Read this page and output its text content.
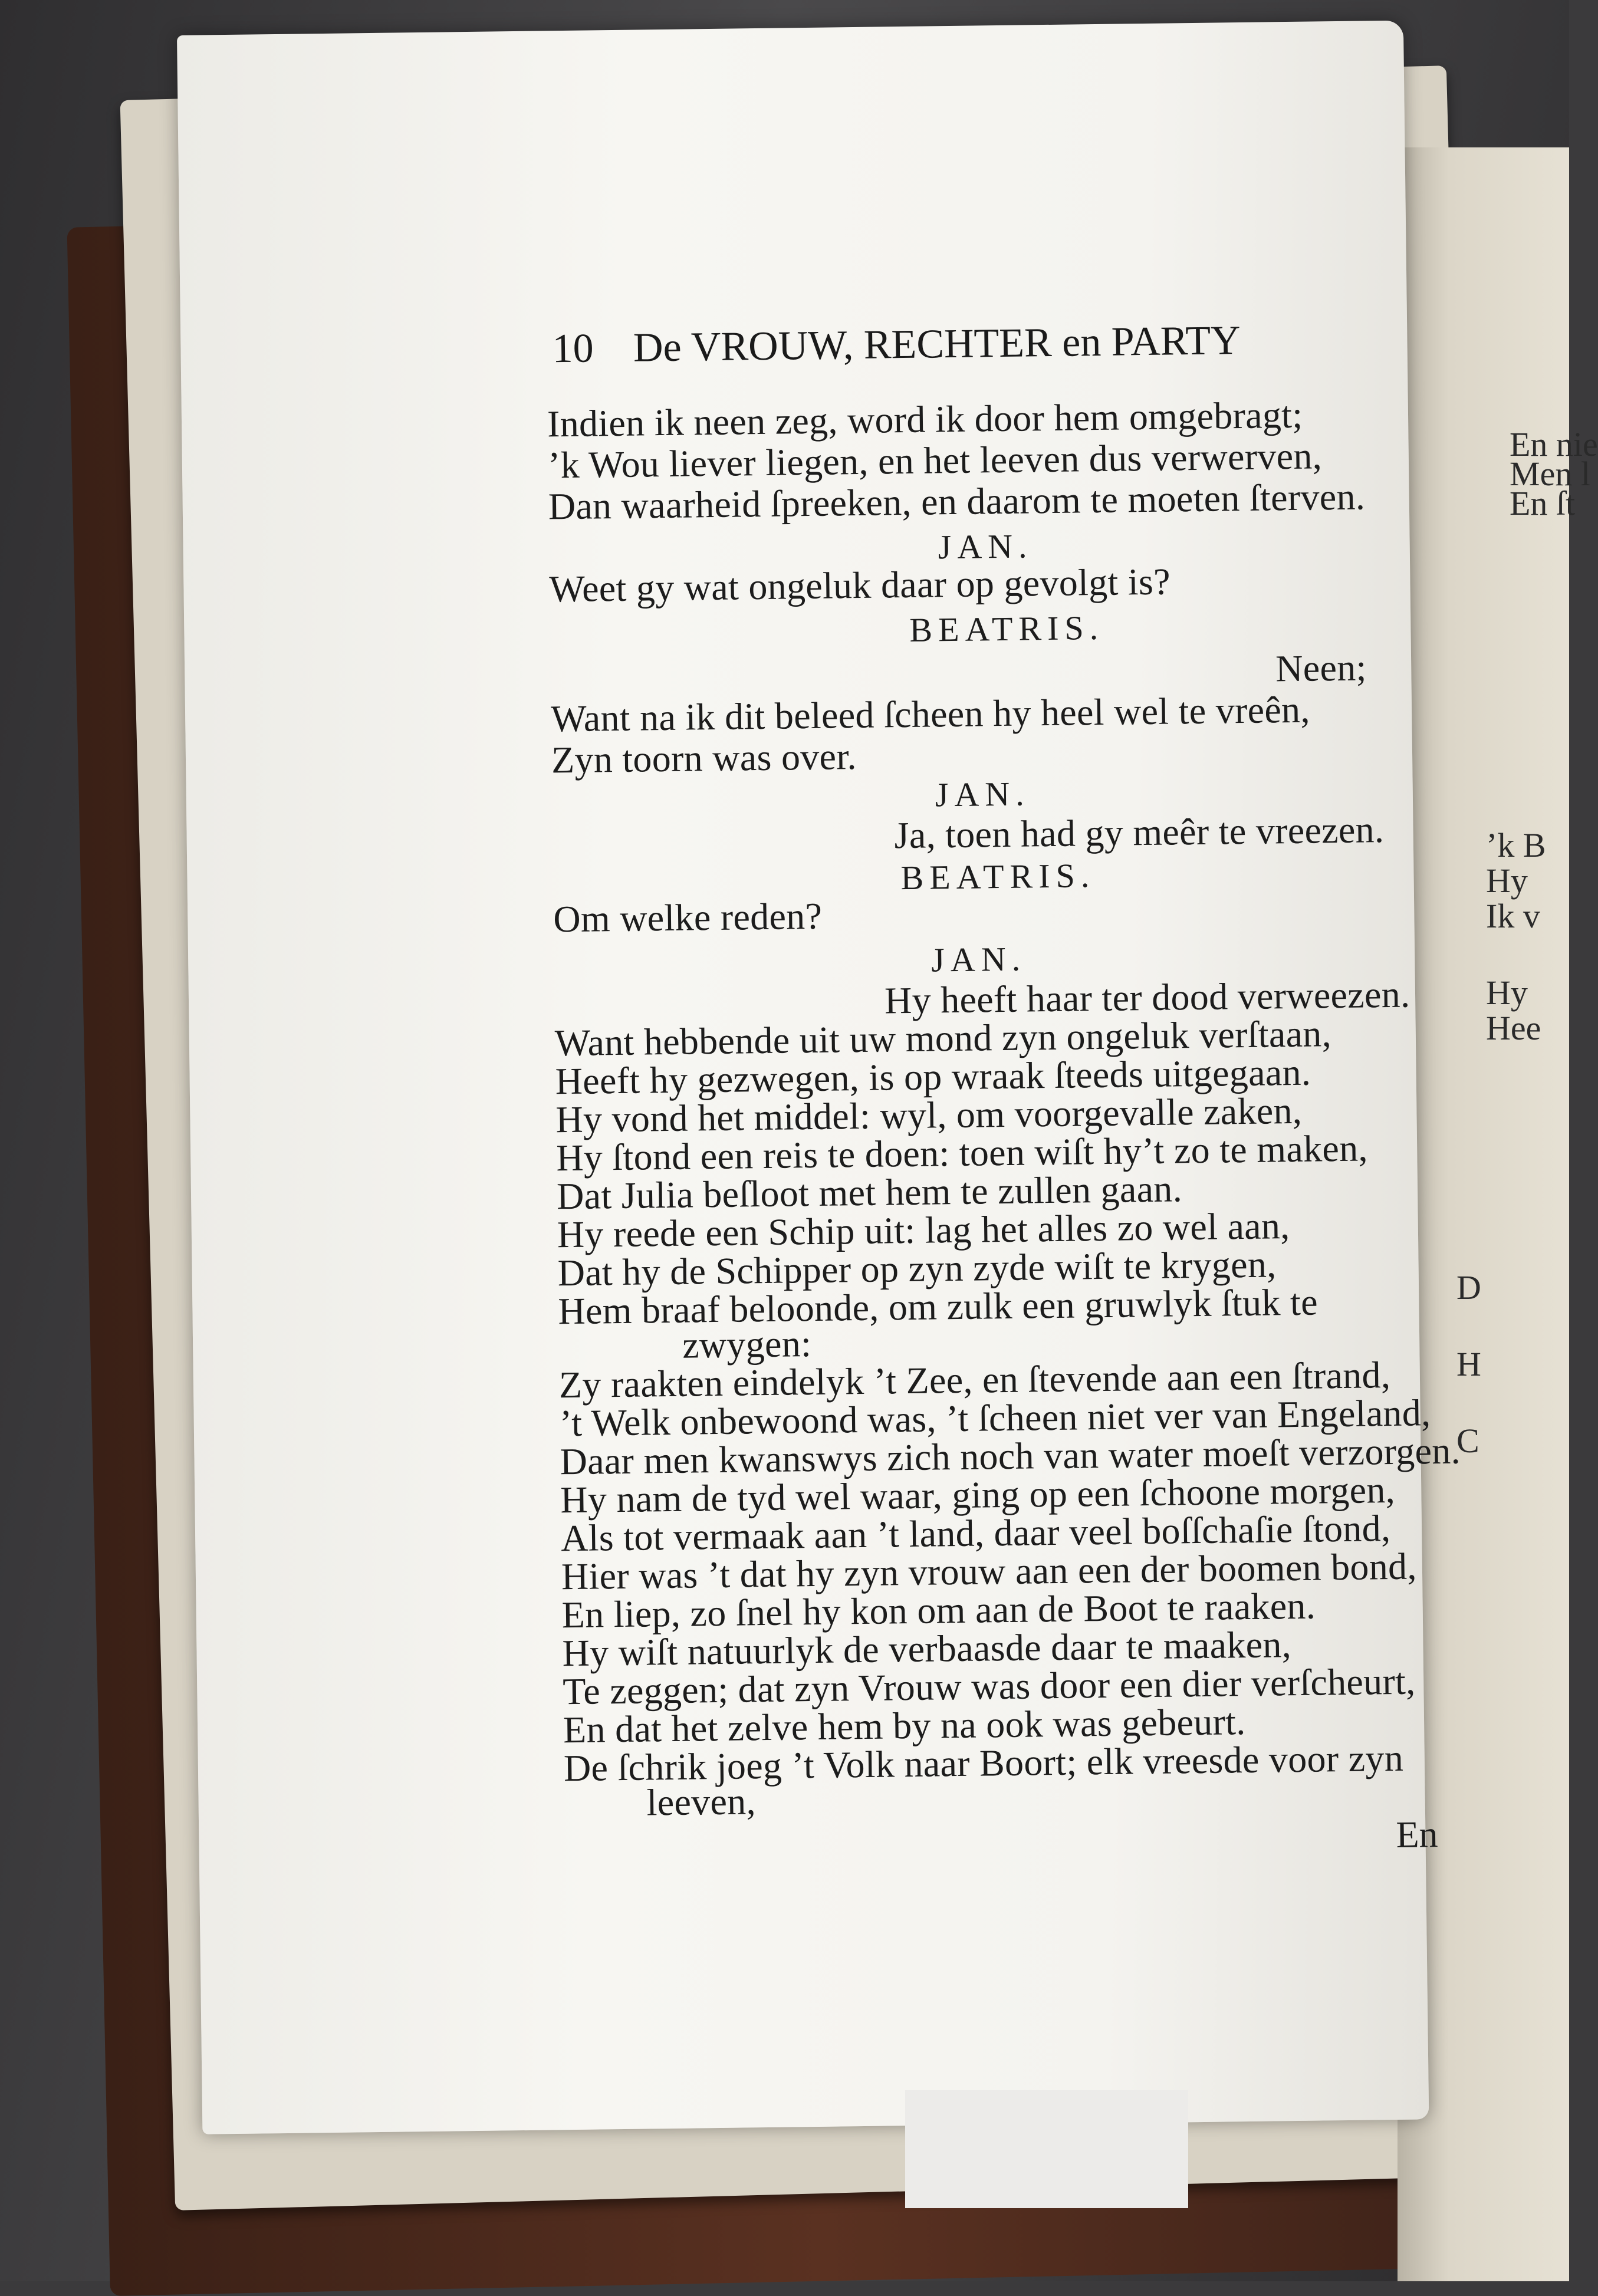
En nie
Men l
En ſt
’k B
Hy
Ik v
Hy
Hee
D
H
C
10 De VROUW, RECHTER en PARTY
Indien ik neen zeg, word ik door hem omgebragt;
’k Wou liever liegen, en het leeven dus verwerven,
Dan waarheid ſpreeken, en daarom te moeten ſterven.
JAN.
Weet gy wat ongeluk daar op gevolgt is?
BEATRIS.
Neen;
Want na ik dit beleed ſcheen hy heel wel te vreên,
Zyn toorn was over.
JAN.
Ja, toen had gy meêr te vreezen.
BEATRIS.
Om welke reden?
JAN.
Hy heeft haar ter dood verweezen.
Want hebbende uit uw mond zyn ongeluk verſtaan,
Heeft hy gezwegen, is op wraak ſteeds uitgegaan.
Hy vond het middel: wyl, om voorgevalle zaken,
Hy ſtond een reis te doen: toen wiſt hy’t zo te maken,
Dat Julia beſloot met hem te zullen gaan.
Hy reede een Schip uit: lag het alles zo wel aan,
Dat hy de Schipper op zyn zyde wiſt te krygen,
Hem braaf beloonde, om zulk een gruwlyk ſtuk te
zwygen:
Zy raakten eindelyk ’t Zee, en ſtevende aan een ſtrand,
’t Welk onbewoond was, ’t ſcheen niet ver van Engeland,
Daar men kwanswys zich noch van water moeſt verzorgen.
Hy nam de tyd wel waar, ging op een ſchoone morgen,
Als tot vermaak aan ’t land, daar veel boſſchaſie ſtond,
Hier was ’t dat hy zyn vrouw aan een der boomen bond,
En liep, zo ſnel hy kon om aan de Boot te raaken.
Hy wiſt natuurlyk de verbaasde daar te maaken,
Te zeggen; dat zyn Vrouw was door een dier verſcheurt,
En dat het zelve hem by na ook was gebeurt.
De ſchrik joeg ’t Volk naar Boort; elk vreesde voor zyn
leeven,
En
